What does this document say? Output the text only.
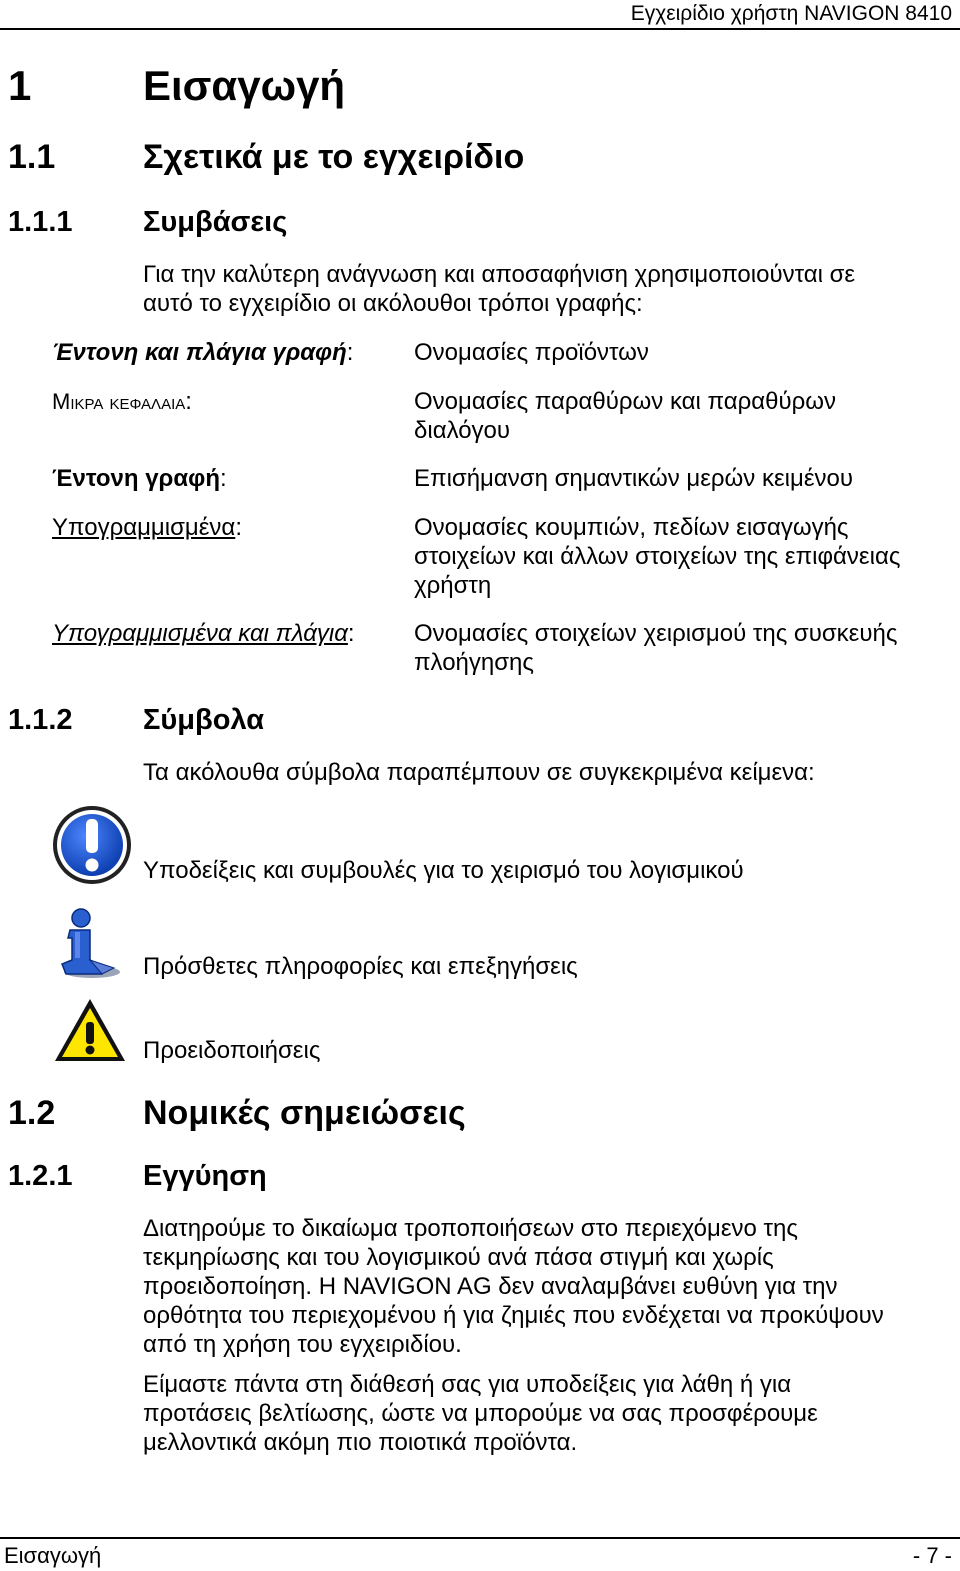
Εγχειρίδιο χρήστη NAVIGON 8410
1	Εισαγωγή
1.1	Σχετικά με το εγχειρίδιο
1.1.1 Συμβάσεις
Για την καλύτερη ανάγνωση και αποσαφήνιση χρησιμοποιούνται σε
αυτό το εγχειρίδιο οι ακόλουθοι τρόποι γραφής:
Έντονη και πλάγια γραφή:	Ονομασίες προϊόντων
Μικρα κεφαλαια:	Ονομασίες παραθύρων και παραθύρων
διαλόγου
Έντονη γραφή:	Επισήμανση σημαντικών μερών κειμένου
Υπογραμμισμένα:	Ονομασίες κουμπιών, πεδίων εισαγωγής
στοιχείων και άλλων στοιχείων της επιφάνειας
χρήστη
Υπογραμμισμένα και πλάγια: Ονομασίες στοιχείων χειρισμού της συσκευής
πλοήγησης
1.1.2 Σύμβολα
Τα ακόλουθα σύμβολα παραπέμπουν σε συγκεκριμένα κείμενα:
Υποδείξεις και συμβουλές για το χειρισμό του λογισμικού
Πρόσθετες πληροφορίες και επεξηγήσεις
Προειδοποιήσεις
1.2	Νομικές σημειώσεις
1.2.1 Εγγύηση
Διατηρούμε το δικαίωμα τροποποιήσεων στο περιεχόμενο της
τεκμηρίωσης και του λογισμικού ανά πάσα στιγμή και χωρίς
προειδοποίηση. Η NAVIGON AG δεν αναλαμβάνει ευθύνη για την
ορθότητα του περιεχομένου ή για ζημιές που ενδέχεται να προκύψουν
από τη χρήση του εγχειριδίου.
Είμαστε πάντα στη διάθεσή σας για υποδείξεις για λάθη ή για
προτάσεις βελτίωσης, ώστε να μπορούμε να σας προσφέρουμε
μελλοντικά ακόμη πιο ποιοτικά προϊόντα.
Εισαγωγή	- 7 -
